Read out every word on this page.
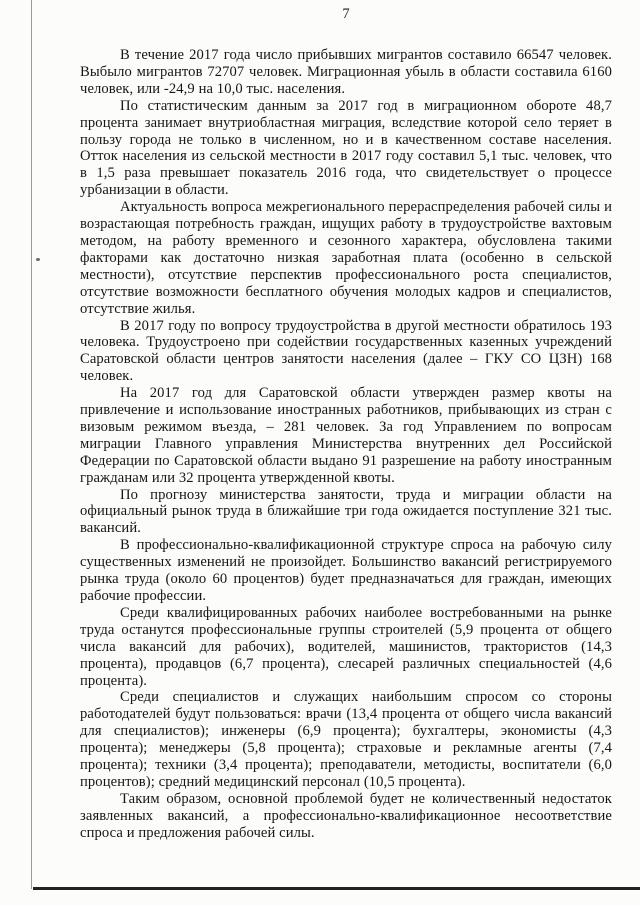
7

В течение 2017 года число прибывших мигрантов составило 66547 человек. Выбыло мигрантов 72707 человек. Миграционная убыль в области составила 6160 человек, или -24,9 на 10,0 тыс. населения.

По статистическим данным за 2017 год в миграционном обороте 48,7 процента занимает внутриобластная миграция, вследствие которой село теряет в пользу города не только в численном, но и в качественном составе населения. Отток населения из сельской местности в 2017 году составил 5,1 тыс. человек, что в 1,5 раза превышает показатель 2016 года, что свидетельствует о процессе урбанизации в области.

Актуальность вопроса межрегионального перераспределения рабочей силы и возрастающая потребность граждан, ищущих работу в трудоустройстве вахтовым методом, на работу временного и сезонного характера, обусловлена такими факторами как достаточно низкая заработная плата (особенно в сельской местности), отсутствие перспектив профессионального роста специалистов, отсутствие возможности бесплатного обучения молодых кадров и специалистов, отсутствие жилья.

В 2017 году по вопросу трудоустройства в другой местности обратилось 193 человека. Трудоустроено при содействии государственных казенных учреждений Саратовской области центров занятости населения (далее – ГКУ СО ЦЗН) 168 человек.

На 2017 год для Саратовской области утвержден размер квоты на привлечение и использование иностранных работников, прибывающих из стран с визовым режимом въезда, – 281 человек. За год Управлением по вопросам миграции Главного управления Министерства внутренних дел Российской Федерации по Саратовской области выдано 91 разрешение на работу иностранным гражданам или 32 процента утвержденной квоты.

По прогнозу министерства занятости, труда и миграции области на официальный рынок труда в ближайшие три года ожидается поступление 321 тыс. вакансий.

В профессионально-квалификационной структуре спроса на рабочую силу существенных изменений не произойдет. Большинство вакансий регистрируемого рынка труда (около 60 процентов) будет предназначаться для граждан, имеющих рабочие профессии.

Среди квалифицированных рабочих наиболее востребованными на рынке труда останутся профессиональные группы строителей (5,9 процента от общего числа вакансий для рабочих), водителей, машинистов, трактористов (14,3 процента), продавцов (6,7 процента), слесарей различных специальностей (4,6 процента).

Среди специалистов и служащих наибольшим спросом со стороны работодателей будут пользоваться: врачи (13,4 процента от общего числа вакансий для специалистов); инженеры (6,9 процента); бухгалтеры, экономисты (4,3 процента); менеджеры (5,8 процента); страховые и рекламные агенты (7,4 процента); техники (3,4 процента); преподаватели, методисты, воспитатели (6,0 процентов); средний медицинский персонал (10,5 процента).

Таким образом, основной проблемой будет не количественный недостаток заявленных вакансий, а профессионально-квалификационное несоответствие спроса и предложения рабочей силы.
